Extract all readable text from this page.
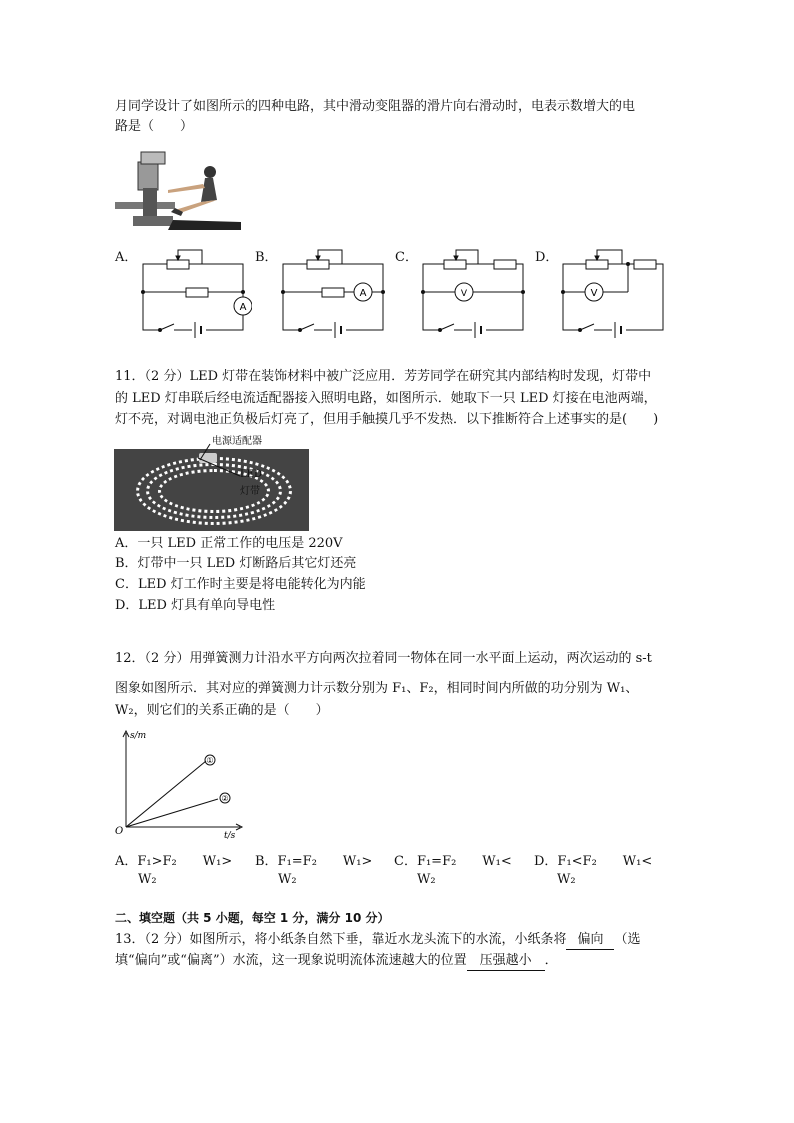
月同学设计了如图所示的四种电路，其中滑动变阻器的滑片向右滑动时，电表示数增大的电
路是（　　）
A．	B．	C．	D．
A
A	V	V
11．（2 分）LED 灯带在装饰材料中被广泛应用．芳芳同学在研究其内部结构时发现，灯带中
的 LED 灯串联后经电流适配器接入照明电路，如图所示．她取下一只 LED 灯接在电池两端，
灯不亮，对调电池正负极后灯亮了，但用手触摸几乎不发热．以下推断符合上述事实的是(　　)
电源适配器
LED
灯带
A．一只 LED 正常工作的电压是 220V
B．灯带中一只 LED 灯断路后其它灯还亮
C．LED 灯工作时主要是将电能转化为内能
D．LED 灯具有单向导电性
12．（2 分）用弹簧测力计沿水平方向两次拉着同一物体在同一水平面上运动，两次运动的 s-t
图象如图所示．其对应的弹簧测力计示数分别为 F₁、F₂，相同时间内所做的功分别为 W₁、
W₂，则它们的关系正确的是（　　）
s/m
t/s
O
①
②
A．F₁>F₂　　W₁>
W₂
B．F₁=F₂　　W₁>
W₂
C．F₁=F₂　　W₁<
W₂
D．F₁<F₂　　W₁<
W₂
二、填空题（共 5 小题，每空 1 分，满分 10 分）
13．（2 分）如图所示，将小纸条自然下垂，靠近水龙头流下的水流，小纸条将 偏向 （选
填“偏向”或“偏离”）水流，这一现象说明流体流速越大的位置 压强越小 ．
